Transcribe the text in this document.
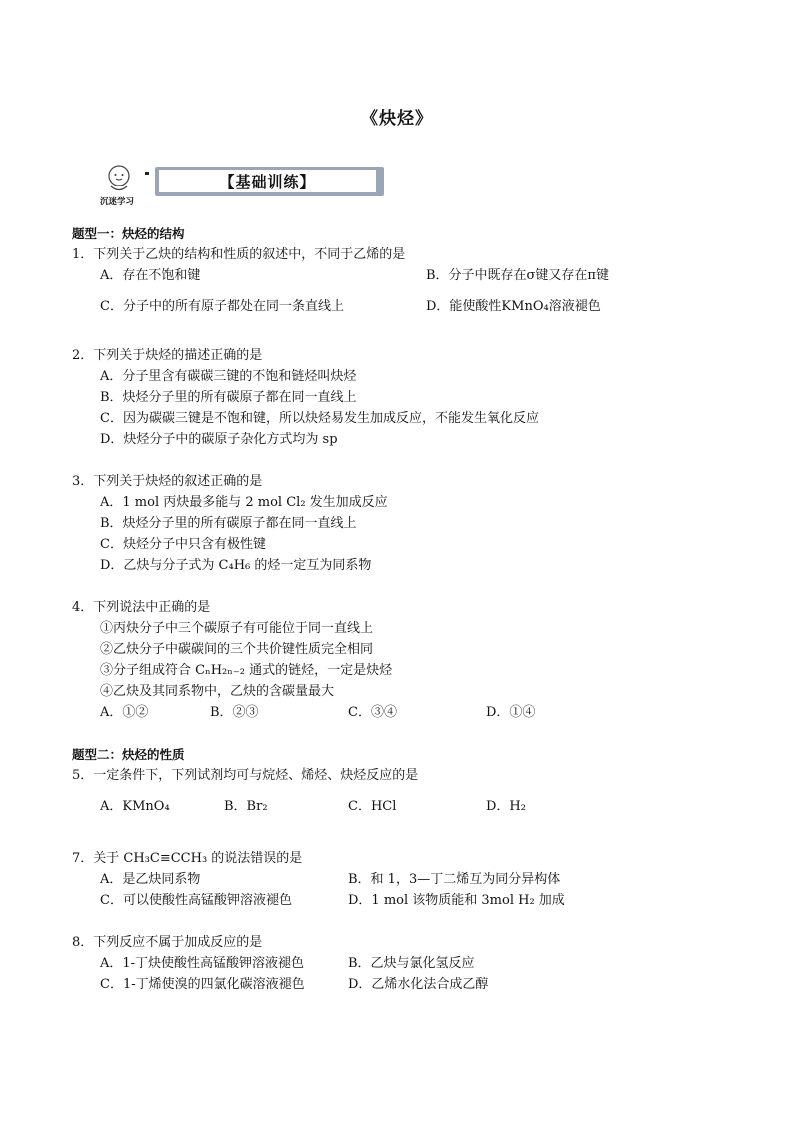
《炔烃》
沉迷学习
【基础训练】
题型一：炔烃的结构
1．下列关于乙炔的结构和性质的叙述中，不同于乙烯的是
A．存在不饱和键	B．分子中既存在σ键又存在π键
C．分子中的所有原子都处在同一条直线上	D．能使酸性KMnO₄溶液褪色
2．下列关于炔烃的描述正确的是
A．分子里含有碳碳三键的不饱和链烃叫炔烃
B．炔烃分子里的所有碳原子都在同一直线上
C．因为碳碳三键是不饱和键，所以炔烃易发生加成反应，不能发生氧化反应
D．炔烃分子中的碳原子杂化方式均为 sp
3．下列关于炔烃的叙述正确的是
A．1 mol 丙炔最多能与 2 mol Cl₂ 发生加成反应
B．炔烃分子里的所有碳原子都在同一直线上
C．炔烃分子中只含有极性键
D．乙炔与分子式为 C₄H₆ 的烃一定互为同系物
4．下列说法中正确的是
①丙炔分子中三个碳原子有可能位于同一直线上
②乙炔分子中碳碳间的三个共价键性质完全相同
③分子组成符合 CₙH₂ₙ₋₂ 通式的链烃，一定是炔烃
④乙炔及其同系物中，乙炔的含碳量最大
A．①②	B．②③	C．③④	D．①④
题型二：炔烃的性质
5．一定条件下，下列试剂均可与烷烃、烯烃、炔烃反应的是
A．KMnO₄	B．Br₂	C．HCl	D．H₂
7．关于 CH₃C≡CCH₃ 的说法错误的是
A．是乙炔同系物	B．和 1，3—丁二烯互为同分异构体
C．可以使酸性高锰酸钾溶液褪色	D．1 mol 该物质能和 3mol H₂ 加成
8．下列反应不属于加成反应的是
A．1-丁炔使酸性高锰酸钾溶液褪色	B．乙炔与氯化氢反应
C．1-丁烯使溴的四氯化碳溶液褪色	D．乙烯水化法合成乙醇
